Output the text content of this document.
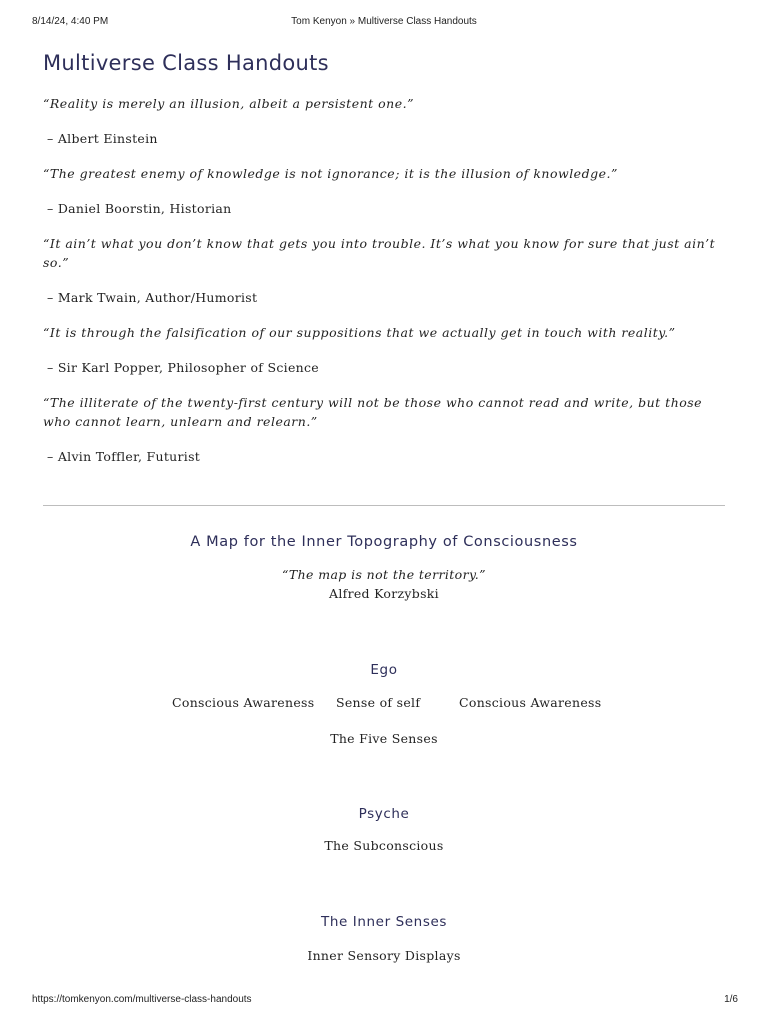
8/14/24, 4:40 PM	Tom Kenyon » Multiverse Class Handouts
Multiverse Class Handouts

“Reality is merely an illusion, albeit a persistent one.”

– Albert Einstein

“The greatest enemy of knowledge is not ignorance; it is the illusion of knowledge.”

– Daniel Boorstin, Historian

“It ain’t what you don’t know that gets you into trouble. It’s what you know for sure that just ain’t so.”

– Mark Twain, Author/Humorist

“It is through the falsification of our suppositions that we actually get in touch with reality.”

– Sir Karl Popper, Philosopher of Science

“The illiterate of the twenty-first century will not be those who cannot read and write, but those who cannot learn, unlearn and relearn.”

– Alvin Toffler, Futurist

A Map for the Inner Topography of Consciousness

“The map is not the territory.”
Alfred Korzybski
Ego
Conscious Awareness Sense of self	Conscious Awareness
The Five Senses
Psyche
The Subconscious
The Inner Senses
Inner Sensory Displays
https://tomkenyon.com/multiverse-class-handouts	1/6
